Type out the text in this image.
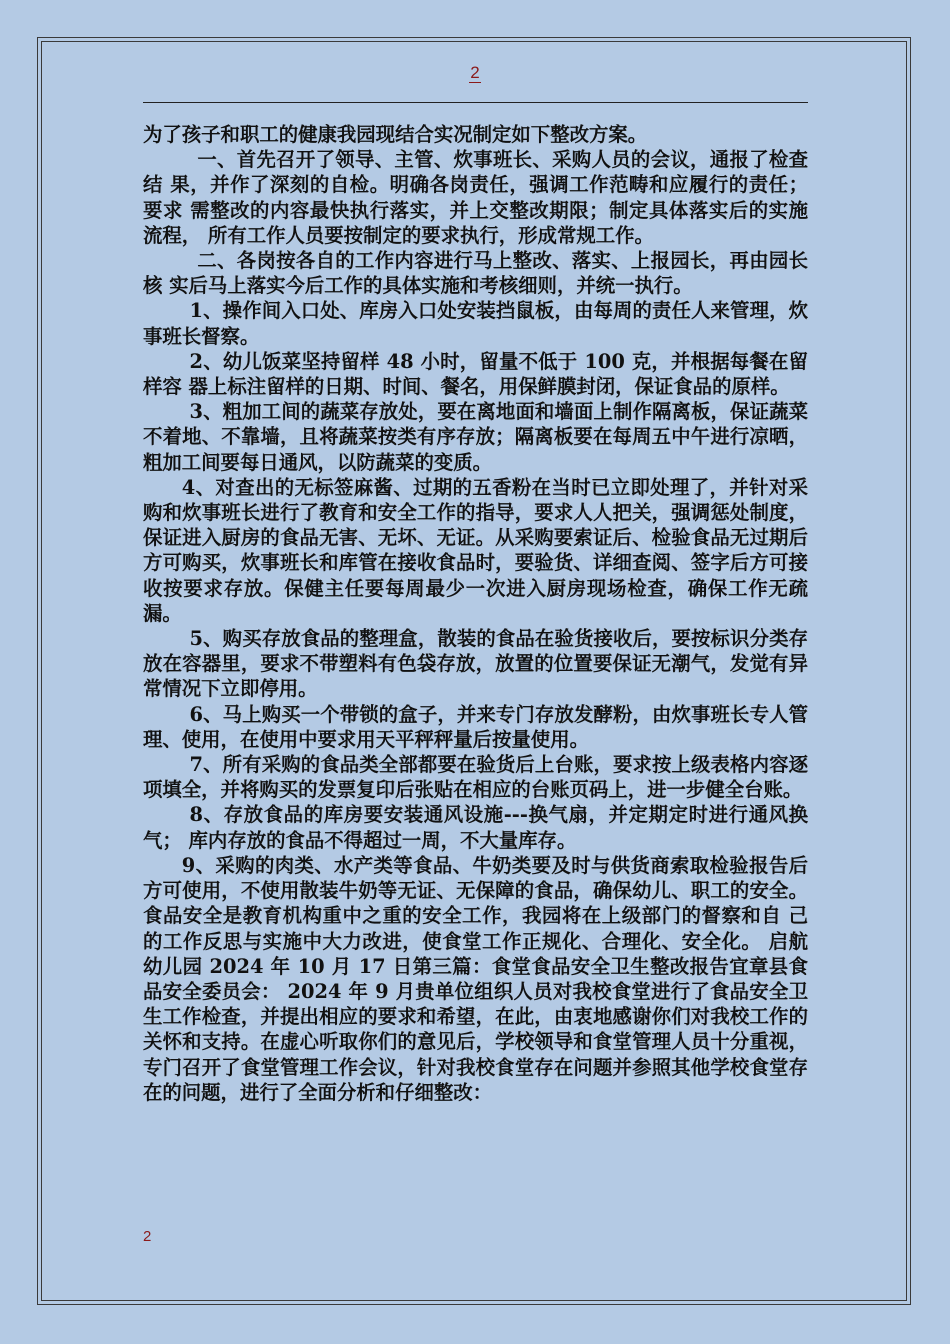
2

为了孩子和职工的健康我园现结合实况制定如下整改方案。

一、首先召开了领导、主管、炊事班长、采购人员的会议，通报了检查结 果，并作了深刻的自检。明确各岗责任，强调工作范畴和应履行的责任；要求 需整改的内容最快执行落实，并上交整改期限；制定具体落实后的实施流程， 所有工作人员要按制定的要求执行，形成常规工作。

二、各岗按各自的工作内容进行马上整改、落实、上报园长，再由园长核 实后马上落实今后工作的具体实施和考核细则，并统一执行。

1、操作间入口处、库房入口处安装挡鼠板，由每周的责任人来管理，炊 事班长督察。

2、幼儿饭菜坚持留样 48 小时，留量不低于 100 克，并根据每餐在留样容 器上标注留样的日期、时间、餐名，用保鲜膜封闭，保证食品的原样。

3、粗加工间的蔬菜存放处，要在离地面和墙面上制作隔离板，保证蔬菜 不着地、不靠墙，且将蔬菜按类有序存放；隔离板要在每周五中午进行凉晒， 粗加工间要每日通风，以防蔬菜的变质。

4、对查出的无标签麻酱、过期的五香粉在当时已立即处理了，并针对采 购和炊事班长进行了教育和安全工作的指导，要求人人把关，强调惩处制度， 保证进入厨房的食品无害、无坏、无证。从采购要索证后、检验食品无过期后 方可购买，炊事班长和库管在接收食品时，要验货、详细查阅、签字后方可接 收按要求存放。保健主任要每周最少一次进入厨房现场检查，确保工作无疏漏。

5、购买存放食品的整理盒，散装的食品在验货接收后，要按标识分类存 放在容器里，要求不带塑料有色袋存放，放置的位置要保证无潮气，发觉有异 常情况下立即停用。

6、马上购买一个带锁的盒子，并来专门存放发酵粉，由炊事班长专人管 理、使用，在使用中要求用天平秤秤量后按量使用。

7、所有采购的食品类全部都要在验货后上台账，要求按上级表格内容逐 项填全，并将购买的发票复印后张贴在相应的台账页码上，进一步健全台账。

8、存放食品的库房要安装通风设施---换气扇，并定期定时进行通风换气； 库内存放的食品不得超过一周，不大量库存。

9、采购的肉类、水产类等食品、牛奶类要及时与供货商索取检验报告后 方可使用，不使用散装牛奶等无证、无保障的食品，确保幼儿、职工的安全。 食品安全是教育机构重中之重的安全工作，我园将在上级部门的督察和自 己的工作反思与实施中大力改进，使食堂工作正规化、合理化、安全化。 启航幼儿园 2024 年 10 月 17 日第三篇：食堂食品安全卫生整改报告宜章县食品安全委员会： 2024 年 9 月贵单位组织人员对我校食堂进行了食品安全卫生工作检查，并提出相应的要求和希望，在此，由衷地感谢你们对我校工作的关怀和支持。在虚心听取你们的意见后，学校领导和食堂管理人员十分重视，专门召开了食堂管理工作会议，针对我校食堂存在问题并参照其他学校食堂存在的问题，进行了全面分析和仔细整改：

2
